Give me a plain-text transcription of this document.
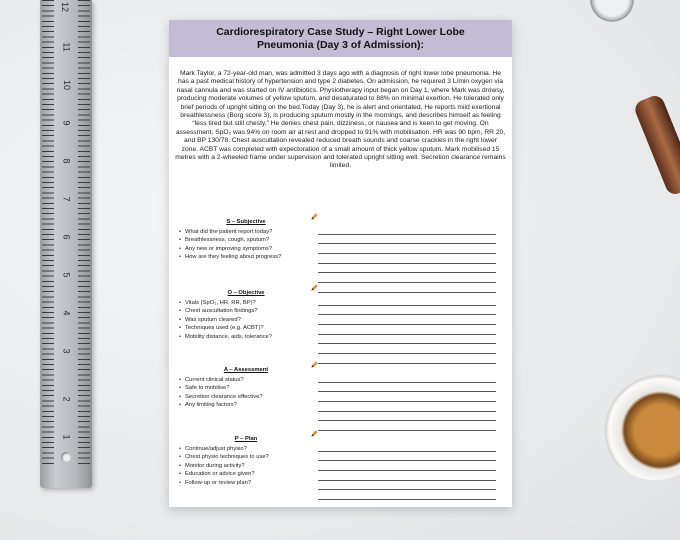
12
11
10
9
8
7
6
5
4
3
2
1
Cardiorespiratory Case Study – Right Lower Lobe
Pneumonia (Day 3 of Admission):
Mark Taylor, a 72-year-old man, was admitted 3 days ago with a diagnosis of right lower lobe pneumonia. He has a past medical history of hypertension and type 2 diabetes. On admission, he required 3 L/min oxygen via nasal cannula and was started on IV antibiotics. Physiotherapy input began on Day 1, where Mark was drowsy, producing moderate volumes of yellow sputum, and desaturated to 88% on minimal exertion. He tolerated only brief periods of upright sitting on the bed.Today (Day 3), he is alert and orientated. He reports mild exertional breathlessness (Borg score 3), is producing sputum mostly in the mornings, and describes himself as feeling “less tired but still chesty.” He denies chest pain, dizziness, or nausea and is keen to get moving. On assessment, SpO₂ was 94% on room air at rest and dropped to 91% with mobilisation. HR was 90 bpm, RR 20, and BP 130/78. Chest auscultation revealed reduced breath sounds and coarse crackles in the right lower zone. ACBT was completed with expectoration of a small amount of thick yellow sputum. Mark mobilised 15 metres with a 2-wheeled frame under supervision and tolerated upright sitting well. Secretion clearance remains limited.
S – Subjective
• What did the patient report today?
• Breathlessness, cough, sputum?
• Any new or improving symptoms?
• How are they feeling about progress?
O – Objective
• Vitals (SpO₂, HR, RR, BP)?
• Chest auscultation findings?
• Was sputum cleared?
• Techniques used (e.g. ACBT)?
• Mobility distance, aids, tolerance?
A – Assessment
• Current clinical status?
• Safe to mobilise?
• Secretion clearance effective?
• Any limiting factors?
P – Plan
• Continue/adjust physio?
• Chest physio techniques to use?
• Monitor during activity?
• Education or advice given?
• Follow-up or review plan?
